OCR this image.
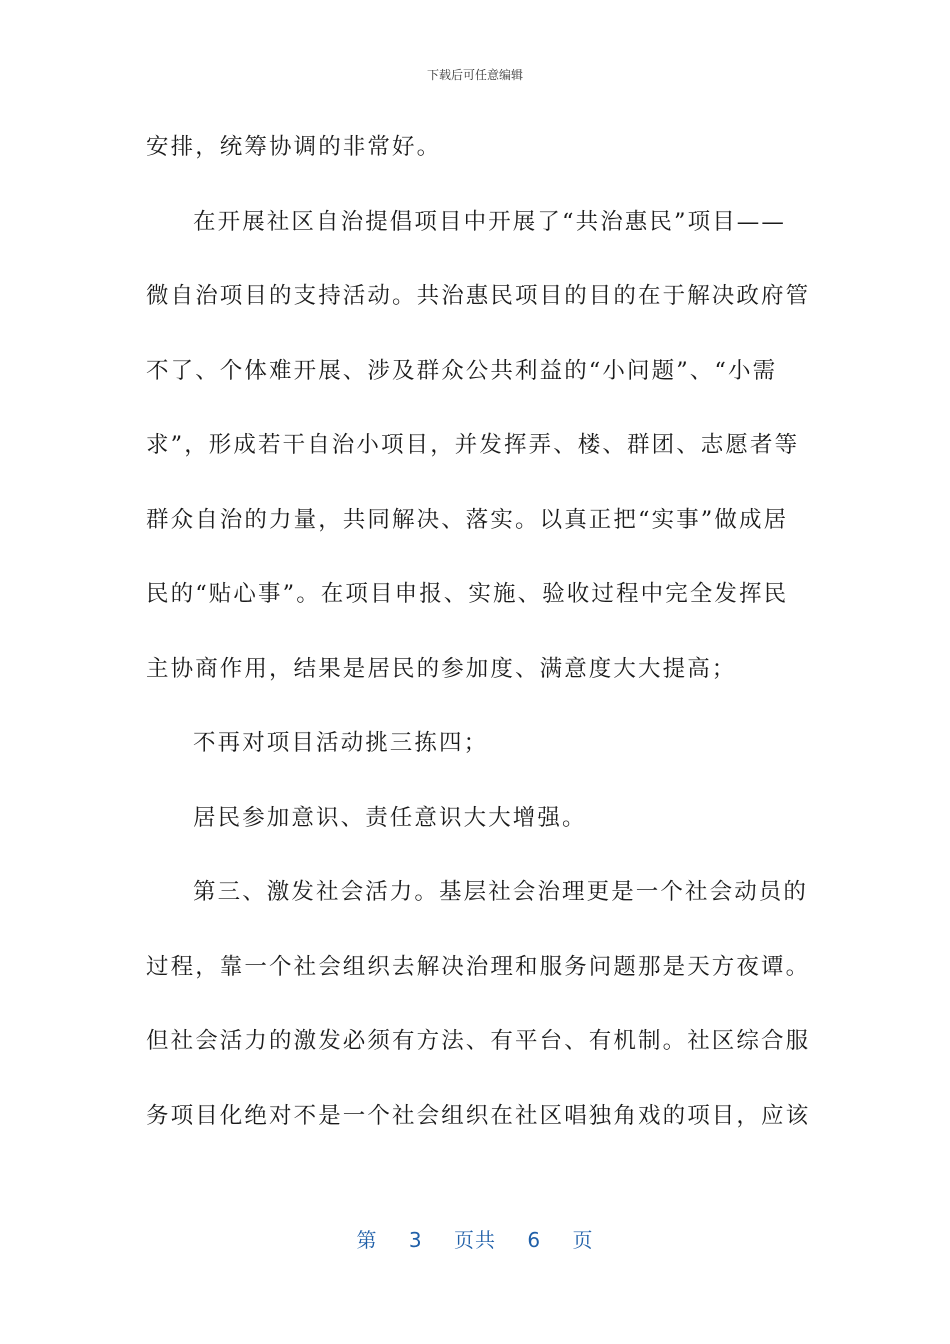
下载后可任意编辑
安排，统筹协调的非常好。
在开展社区自治提倡项目中开展了“共治惠民”项目——
微自治项目的支持活动。共治惠民项目的目的在于解决政府管
不了、个体难开展、涉及群众公共利益的“小问题”、“小需
求”，形成若干自治小项目，并发挥弄、楼、群团、志愿者等
群众自治的力量，共同解决、落实。以真正把“实事”做成居
民的“贴心事”。在项目申报、实施、验收过程中完全发挥民
主协商作用，结果是居民的参加度、满意度大大提高；
不再对项目活动挑三拣四；
居民参加意识、责任意识大大增强。
第三、激发社会活力。基层社会治理更是一个社会动员的
过程，靠一个社会组织去解决治理和服务问题那是天方夜谭。
但社会活力的激发必须有方法、有平台、有机制。社区综合服
务项目化绝对不是一个社会组织在社区唱独角戏的项目，应该
第 3 页共 6 页
